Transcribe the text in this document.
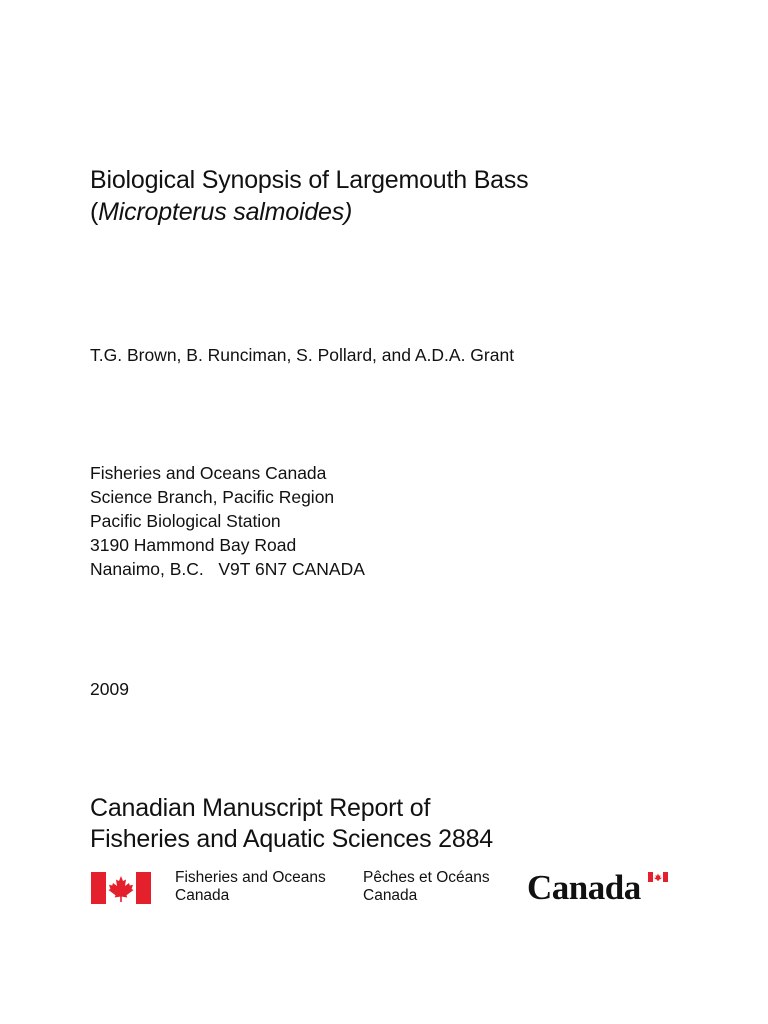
Biological Synopsis of Largemouth Bass
(Micropterus salmoides)
T.G. Brown, B. Runciman, S. Pollard, and A.D.A. Grant
Fisheries and Oceans Canada
Science Branch, Pacific Region
Pacific Biological Station
3190 Hammond Bay Road
Nanaimo, B.C.   V9T 6N7 CANADA
2009
Canadian Manuscript Report of
Fisheries and Aquatic Sciences 2884
Fisheries and Oceans
Canada
Pêches et Océans
Canada	Canada
